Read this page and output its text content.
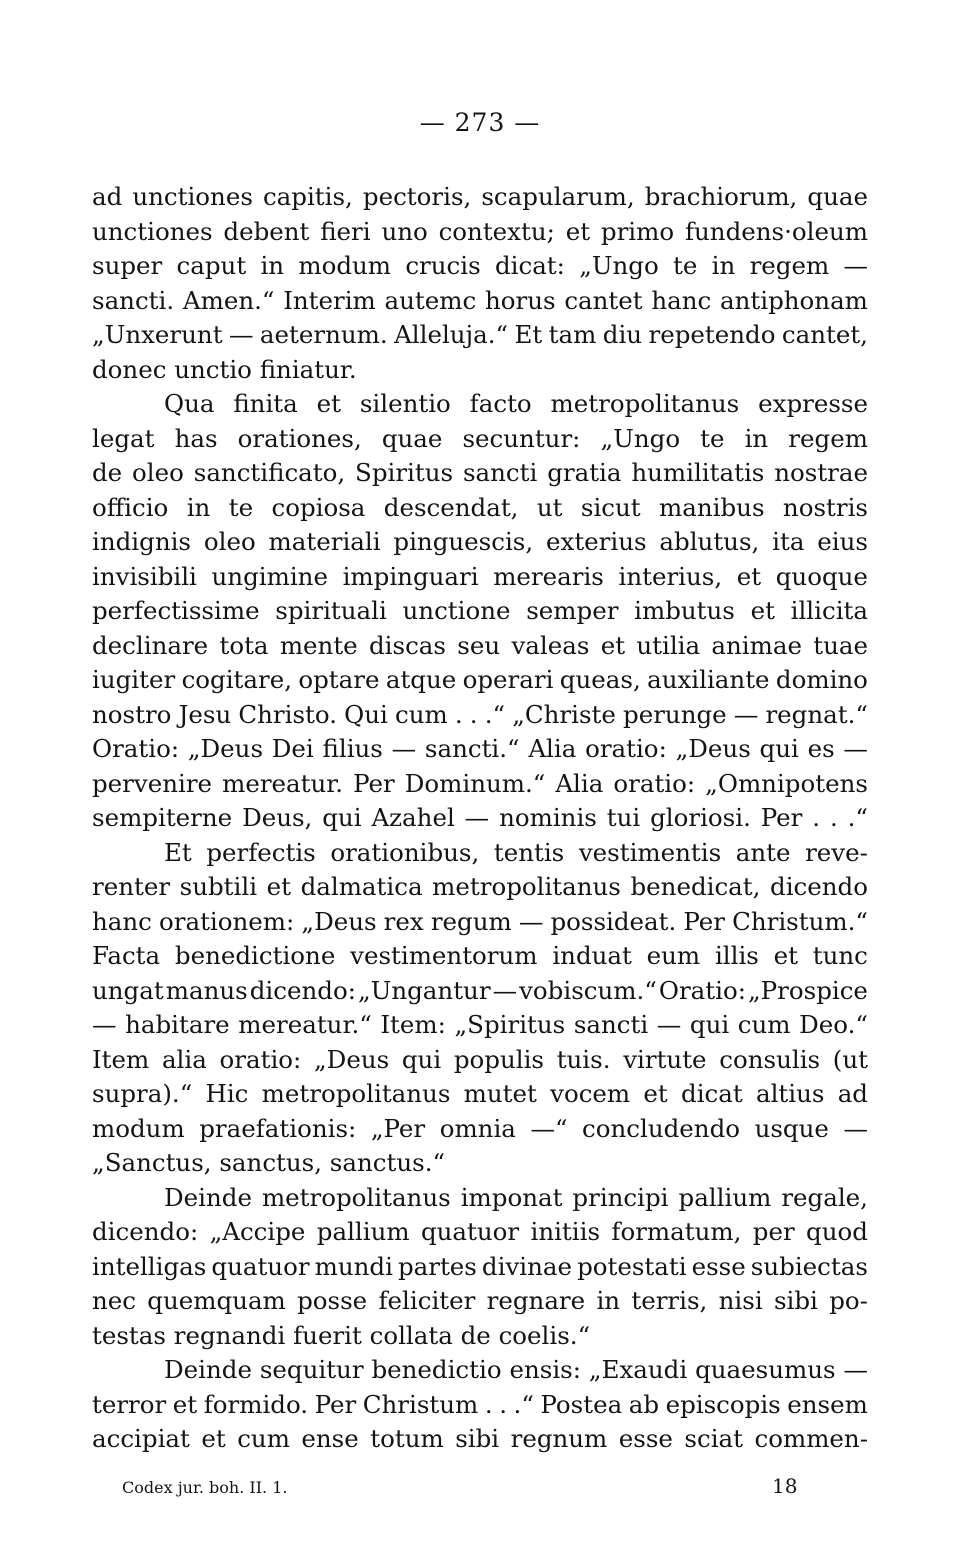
— 273 —
ad unctiones capitis, pectoris, scapularum, brachiorum, quae
unctiones debent fieri uno contextu; et primo fundens·oleum
super caput in modum crucis dicat: „Ungo te in regem —
sancti. Amen.“ Interim autemc horus cantet hanc antiphonam
„Unxerunt — aeternum. Alleluja.“ Et tam diu repetendo cantet,
donec unctio finiatur.
Qua finita et silentio facto metropolitanus expresse
legat has orationes, quae secuntur: „Ungo te in regem
de oleo sanctificato, Spiritus sancti gratia humilitatis nostrae
officio in te copiosa descendat, ut sicut manibus nostris
indignis oleo materiali pinguescis, exterius ablutus, ita eius
invisibili ungimine impinguari merearis interius, et quoque
perfectissime spirituali unctione semper imbutus et illicita
declinare tota mente discas seu valeas et utilia animae tuae
iugiter cogitare, optare atque operari queas, auxiliante domino
nostro Jesu Christo. Qui cum . . .“ „Christe perunge — regnat.“
Oratio: „Deus Dei filius — sancti.“ Alia oratio: „Deus qui es —
pervenire mereatur. Per Dominum.“ Alia oratio: „Omnipotens
sempiterne Deus, qui Azahel — nominis tui gloriosi. Per . . .“
Et perfectis orationibus, tentis vestimentis ante reve-
renter subtili et dalmatica metropolitanus benedicat, dicendo
hanc orationem: „Deus rex regum — possideat. Per Christum.“
Facta benedictione vestimentorum induat eum illis et tunc
ungat manus dicendo: „Ungantur — vobiscum.“ Oratio: „Prospice
— habitare mereatur.“ Item: „Spiritus sancti — qui cum Deo.“
Item alia oratio: „Deus qui populis tuis. virtute consulis (ut
supra).“ Hic metropolitanus mutet vocem et dicat altius ad
modum praefationis: „Per omnia —“ concludendo usque —
„Sanctus, sanctus, sanctus.“
Deinde metropolitanus imponat principi pallium regale,
dicendo: „Accipe pallium quatuor initiis formatum, per quod
intelligas quatuor mundi partes divinae potestati esse subiectas
nec quemquam posse feliciter regnare in terris, nisi sibi po-
testas regnandi fuerit collata de coelis.“
Deinde sequitur benedictio ensis: „Exaudi quaesumus —
terror et formido. Per Christum . . .“ Postea ab episcopis ensem
accipiat et cum ense totum sibi regnum esse sciat commen-
Codex jur. boh. II. 1.	18
